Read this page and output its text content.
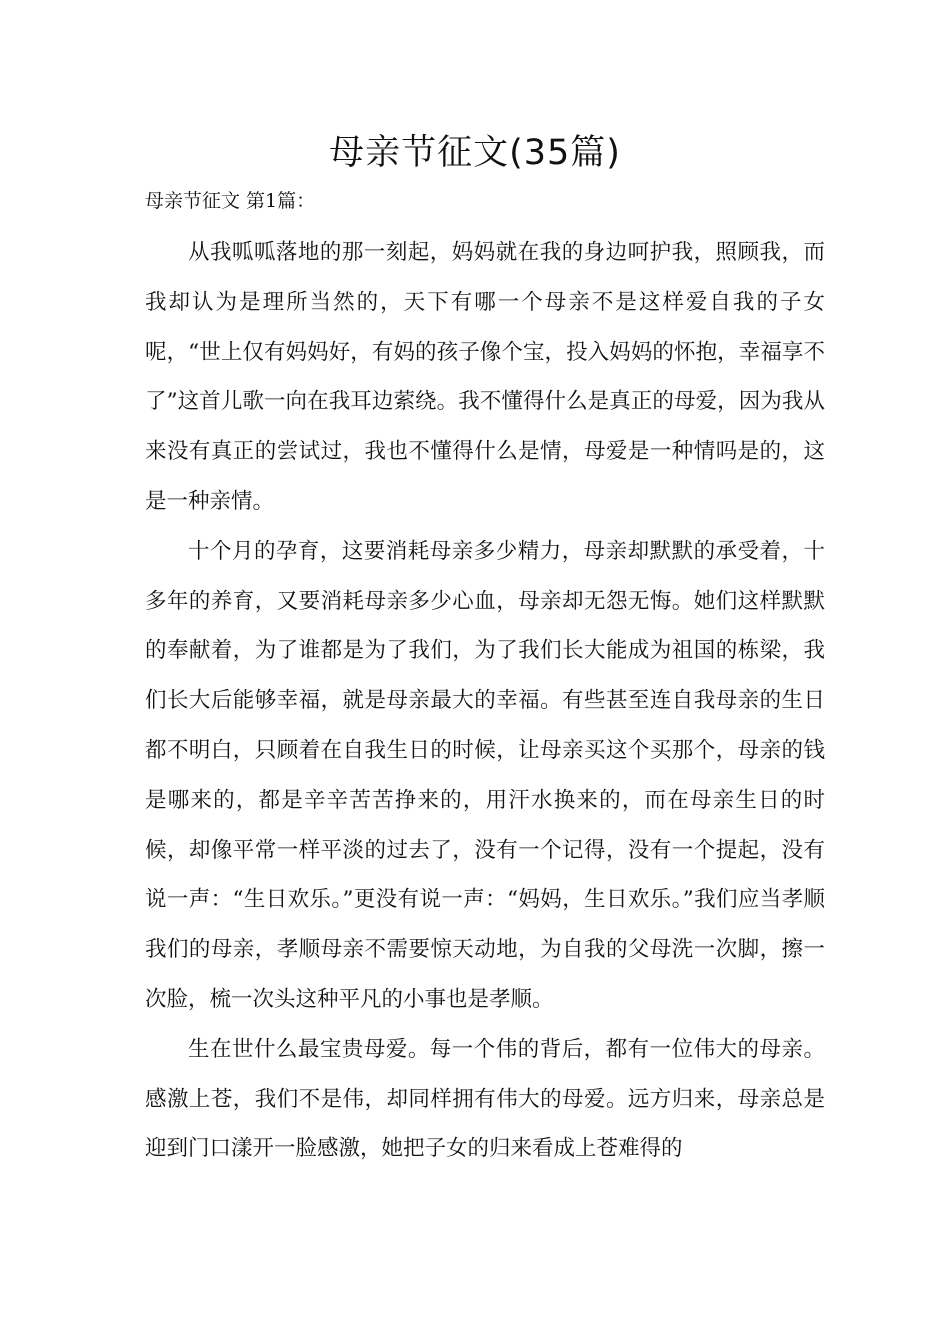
母亲节征文(35篇)
母亲节征文 第1篇：

从我呱呱落地的那一刻起，妈妈就在我的身边呵护我，照顾我，而我却认为是理所当然的，天下有哪一个母亲不是这样爱自我的子女呢，“世上仅有妈妈好，有妈的孩子像个宝，投入妈妈的怀抱，幸福享不了”这首儿歌一向在我耳边萦绕。我不懂得什么是真正的母爱，因为我从来没有真正的尝试过，我也不懂得什么是情，母爱是一种情吗是的，这是一种亲情。

十个月的孕育，这要消耗母亲多少精力，母亲却默默的承受着，十多年的养育，又要消耗母亲多少心血，母亲却无怨无悔。她们这样默默的奉献着，为了谁都是为了我们，为了我们长大能成为祖国的栋梁，我们长大后能够幸福，就是母亲最大的幸福。有些甚至连自我母亲的生日都不明白，只顾着在自我生日的时候，让母亲买这个买那个，母亲的钱是哪来的，都是辛辛苦苦挣来的，用汗水换来的，而在母亲生日的时候，却像平常一样平淡的过去了，没有一个记得，没有一个提起，没有说一声：“生日欢乐。”更没有说一声：“妈妈，生日欢乐。”我们应当孝顺我们的母亲，孝顺母亲不需要惊天动地，为自我的父母洗一次脚，擦一次脸，梳一次头这种平凡的小事也是孝顺。

生在世什么最宝贵母爱。每一个伟的背后，都有一位伟大的母亲。感激上苍，我们不是伟，却同样拥有伟大的母爱。远方归来，母亲总是迎到门口漾开一脸感激，她把子女的归来看成上苍难得的
